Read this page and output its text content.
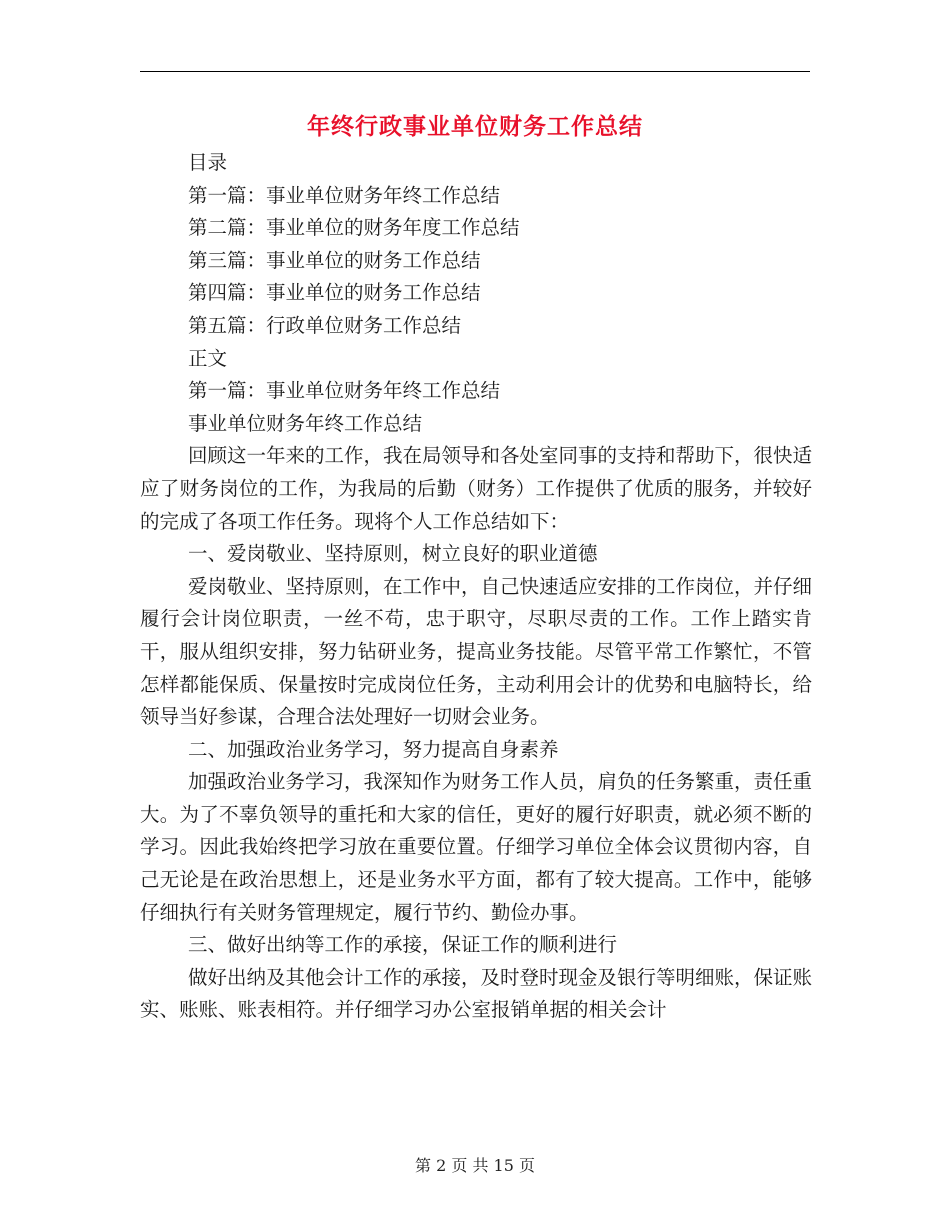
年终行政事业单位财务工作总结
目录
第一篇：事业单位财务年终工作总结
第二篇：事业单位的财务年度工作总结
第三篇：事业单位的财务工作总结
第四篇：事业单位的财务工作总结
第五篇：行政单位财务工作总结
正文
第一篇：事业单位财务年终工作总结
事业单位财务年终工作总结

回顾这一年来的工作，我在局领导和各处室同事的支持和帮助下，很快适应了财务岗位的工作，为我局的后勤（财务）工作提供了优质的服务，并较好的完成了各项工作任务。现将个人工作总结如下：

一、爱岗敬业、坚持原则，树立良好的职业道德

爱岗敬业、坚持原则，在工作中，自己快速适应安排的工作岗位，并仔细履行会计岗位职责，一丝不苟，忠于职守，尽职尽责的工作。工作上踏实肯干，服从组织安排，努力钻研业务，提高业务技能。尽管平常工作繁忙，不管怎样都能保质、保量按时完成岗位任务，主动利用会计的优势和电脑特长，给领导当好参谋，合理合法处理好一切财会业务。

二、加强政治业务学习，努力提高自身素养

加强政治业务学习，我深知作为财务工作人员，肩负的任务繁重，责任重大。为了不辜负领导的重托和大家的信任，更好的履行好职责，就必须不断的学习。因此我始终把学习放在重要位置。仔细学习单位全体会议贯彻内容，自己无论是在政治思想上，还是业务水平方面，都有了较大提高。工作中，能够仔细执行有关财务管理规定，履行节约、勤俭办事。

三、做好出纳等工作的承接，保证工作的顺利进行

做好出纳及其他会计工作的承接，及时登时现金及银行等明细账，保证账实、账账、账表相符。并仔细学习办公室报销单据的相关会计

第 2 页 共 15 页
